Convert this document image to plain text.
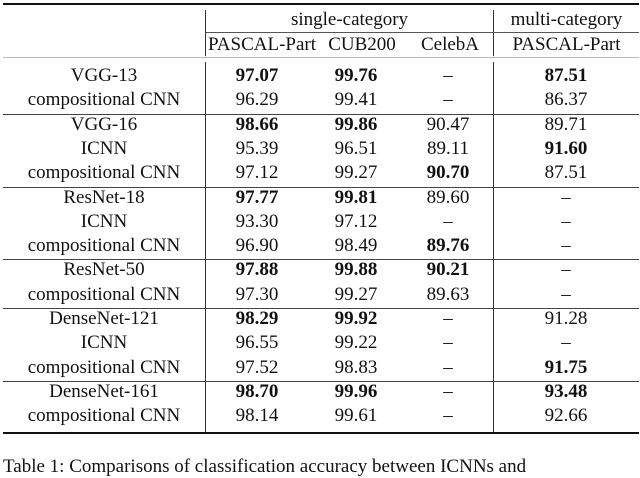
single-category	multi-category
PASCAL-Part CUB200	CelebA	PASCAL-Part
VGG-13	97.07	99.76	–	87.51
compositional CNN	96.29	99.41	–	86.37
VGG-16	98.66	99.86	90.47	89.71
ICNN	95.39	96.51	89.11	91.60
compositional CNN	97.12	99.27	90.70	87.51
ResNet-18	97.77	99.81	89.60	–
ICNN	93.30	97.12	–	–
compositional CNN	96.90	98.49	89.76	–
ResNet-50	97.88	99.88	90.21	–
compositional CNN	97.30	99.27	89.63	–
DenseNet-121	98.29	99.92	–	91.28
ICNN	96.55	99.22	–	–
compositional CNN	97.52	98.83	–	91.75
DenseNet-161	98.70	99.96	–	93.48
compositional CNN	98.14	99.61	–	92.66
Table 1: Comparisons of classification accuracy between ICNNs and
